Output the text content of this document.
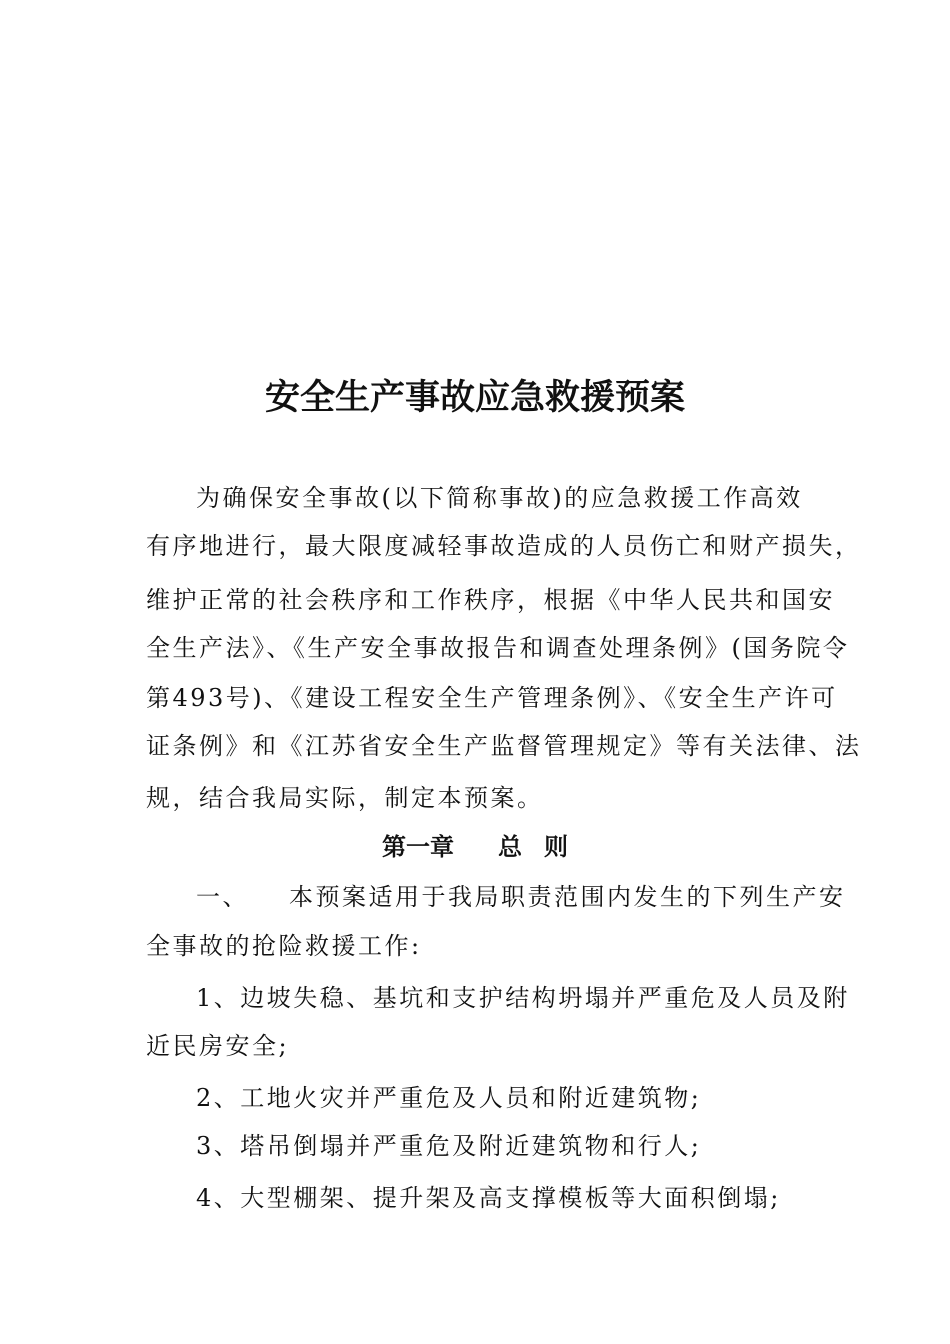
安全生产事故应急救援预案
为确保安全事故(以下简称事故)的应急救援工作高效
有序地进行，最大限度减轻事故造成的人员伤亡和财产损失，
维护正常的社会秩序和工作秩序，根据《中华人民共和国安
全生产法》、《生产安全事故报告和调查处理条例》(国务院令
第493号)、《建设工程安全生产管理条例》、《安全生产许可
证条例》和《江苏省安全生产监督管理规定》等有关法律、法
规，结合我局实际，制定本预案。
第一章 总 则
一、 本预案适用于我局职责范围内发生的下列生产安
全事故的抢险救援工作:
1、边坡失稳、基坑和支护结构坍塌并严重危及人员及附
近民房安全;
2、工地火灾并严重危及人员和附近建筑物;
3、塔吊倒塌并严重危及附近建筑物和行人;
4、大型棚架、提升架及高支撑模板等大面积倒塌;
